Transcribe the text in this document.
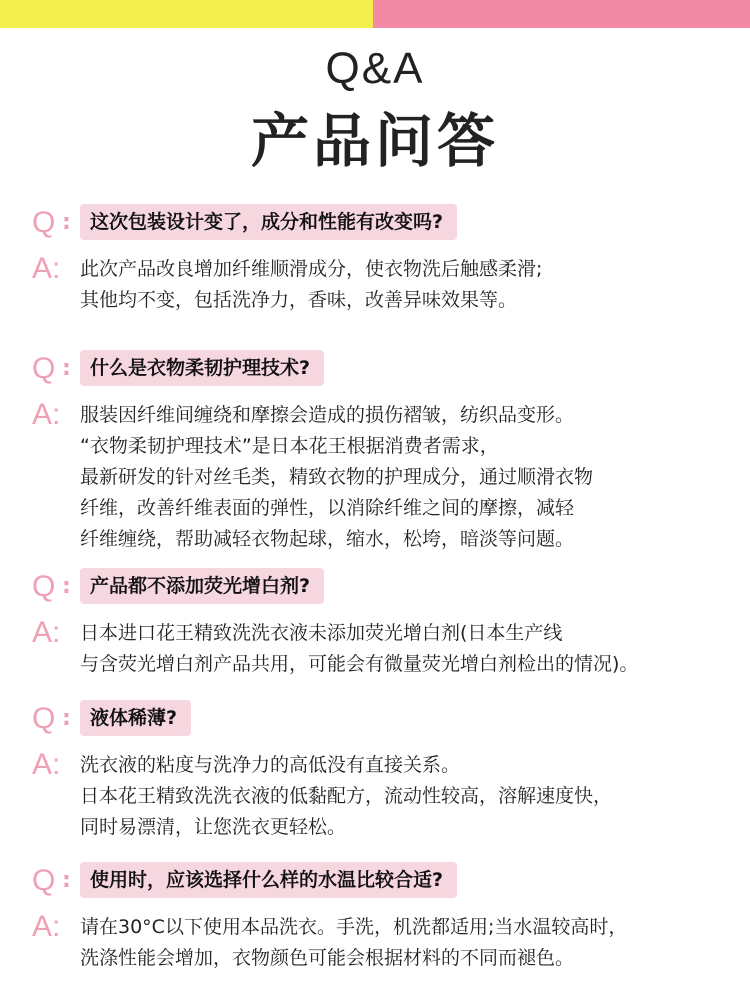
Q&A
产品问答
Q :	这次包装设计变了，成分和性能有改变吗?
A: 此次产品改良增加纤维顺滑成分，使衣物洗后触感柔滑;
其他均不变，包括洗净力，香味，改善异味效果等。
Q :	什么是衣物柔韧护理技术?
A: 服装因纤维间缠绕和摩擦会造成的损伤褶皱，纺织品变形。
“衣物柔韧护理技术”是日本花王根据消费者需求，
最新研发的针对丝毛类，精致衣物的护理成分，通过顺滑衣物
纤维，改善纤维表面的弹性，以消除纤维之间的摩擦，减轻
纤维缠绕，帮助减轻衣物起球，缩水，松垮，暗淡等问题。
Q :	产品都不添加荧光增白剂?
A: 日本进口花王精致洗洗衣液未添加荧光增白剂(日本生产线
与含荧光增白剂产品共用，可能会有微量荧光增白剂检出的情况)。
Q :	液体稀薄?
A: 洗衣液的粘度与洗净力的高低没有直接关系。
日本花王精致洗洗衣液的低黏配方，流动性较高，溶解速度快，
同时易漂清，让您洗衣更轻松。
Q :	使用时，应该选择什么样的水温比较合适?
A: 请在30°C以下使用本品洗衣。手洗，机洗都适用;当水温较高时，
洗涤性能会增加，衣物颜色可能会根据材料的不同而褪色。
